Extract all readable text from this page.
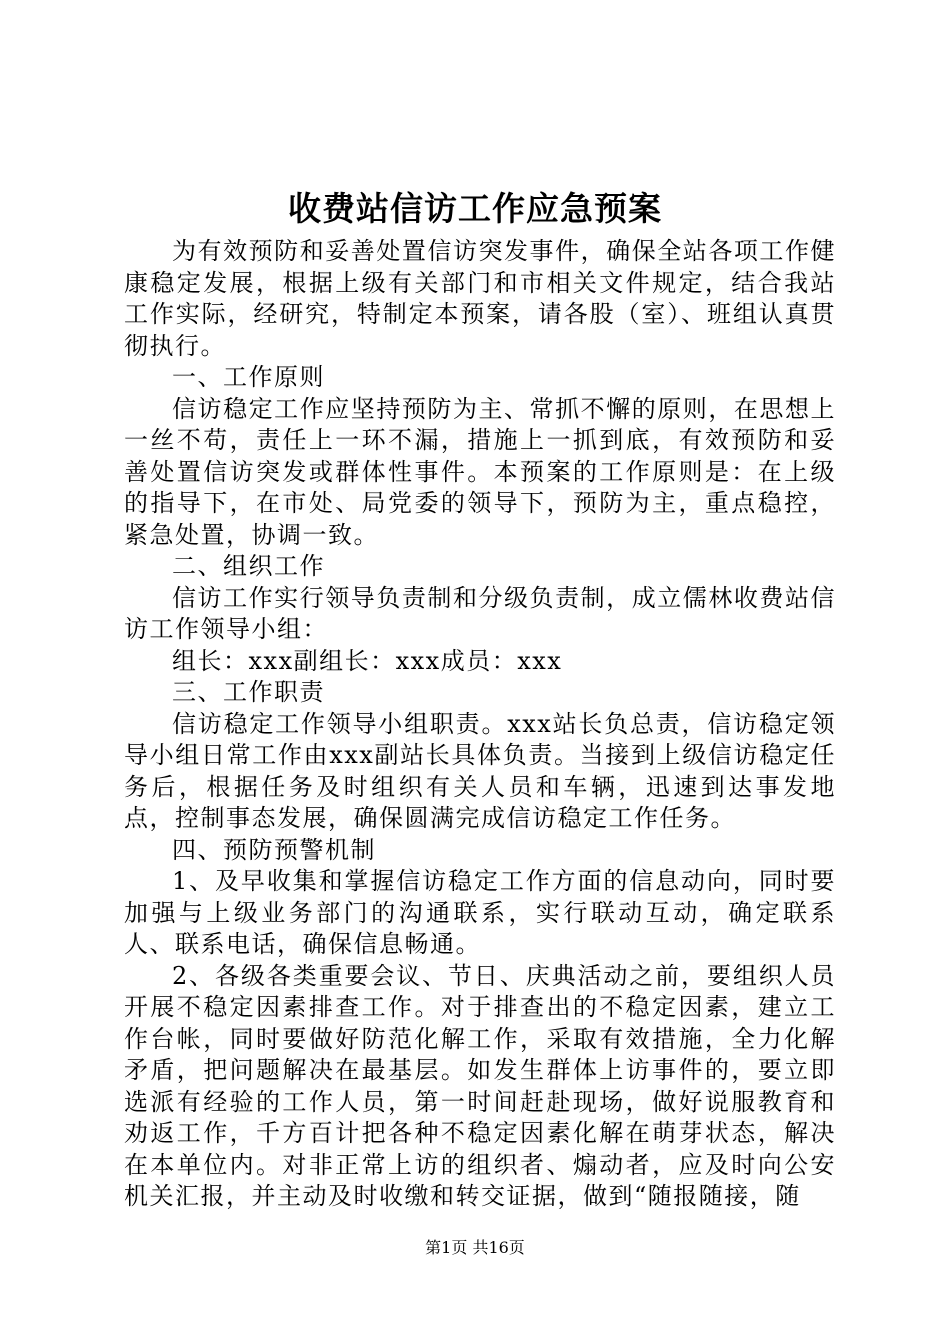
收费站信访工作应急预案

为有效预防和妥善处置信访突发事件，确保全站各项工作健康稳定发展，根据上级有关部门和市相关文件规定，结合我站工作实际，经研究，特制定本预案，请各股（室）、班组认真贯彻执行。

一、工作原则

信访稳定工作应坚持预防为主、常抓不懈的原则，在思想上一丝不苟，责任上一环不漏，措施上一抓到底，有效预防和妥善处置信访突发或群体性事件。本预案的工作原则是：在上级的指导下，在市处、局党委的领导下，预防为主，重点稳控，紧急处置，协调一致。

二、组织工作

信访工作实行领导负责制和分级负责制，成立儒林收费站信访工作领导小组：

组长：xxx副组长：xxx成员：xxx

三、工作职责

信访稳定工作领导小组职责。xxx站长负总责，信访稳定领导小组日常工作由xxx副站长具体负责。当接到上级信访稳定任务后，根据任务及时组织有关人员和车辆，迅速到达事发地点，控制事态发展，确保圆满完成信访稳定工作任务。

四、预防预警机制

1、及早收集和掌握信访稳定工作方面的信息动向，同时要加强与上级业务部门的沟通联系，实行联动互动，确定联系人、联系电话，确保信息畅通。

2、各级各类重要会议、节日、庆典活动之前，要组织人员开展不稳定因素排查工作。对于排查出的不稳定因素，建立工作台帐，同时要做好防范化解工作，采取有效措施，全力化解矛盾，把问题解决在最基层。如发生群体上访事件的，要立即选派有经验的工作人员，第一时间赶赴现场，做好说服教育和劝返工作，千方百计把各种不稳定因素化解在萌芽状态，解决在本单位内。对非正常上访的组织者、煽动者，应及时向公安机关汇报，并主动及时收缴和转交证据，做到“随报随接，随

第1页 共16页
